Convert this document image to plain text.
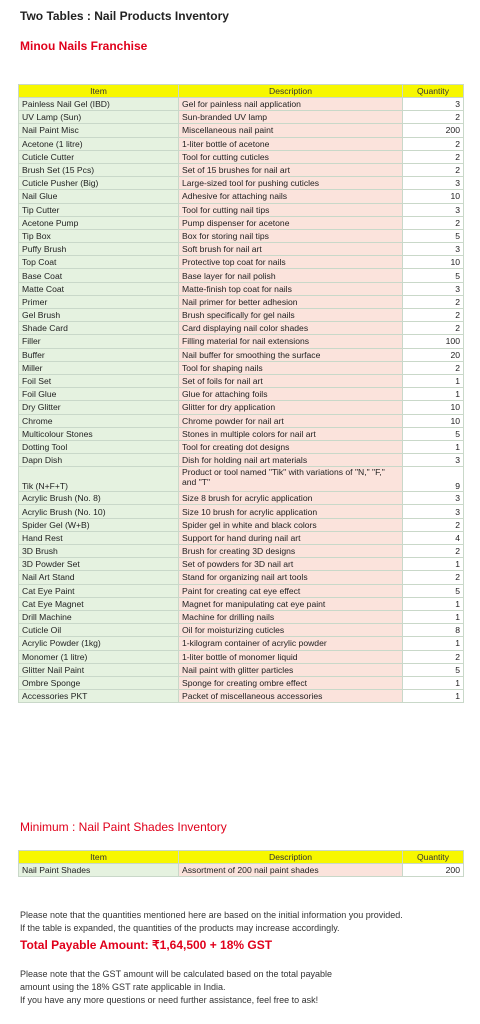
Two Tables : Nail Products Inventory
Minou Nails Franchise
Item	Description	Quantity
Painless Nail Gel (IBD)	Gel for painless nail application	3
UV Lamp (Sun)	Sun-branded UV lamp	2
Nail Paint Misc	Miscellaneous nail paint	200
Acetone (1 litre)	1-liter bottle of acetone	2
Cuticle Cutter	Tool for cutting cuticles	2
Brush Set (15 Pcs)	Set of 15 brushes for nail art	2
Cuticle Pusher (Big)	Large-sized tool for pushing cuticles	3
Nail Glue	Adhesive for attaching nails	10
Tip Cutter	Tool for cutting nail tips	3
Acetone Pump	Pump dispenser for acetone	2
Tip Box	Box for storing nail tips	5
Puffy Brush	Soft brush for nail art	3
Top Coat	Protective top coat for nails	10
Base Coat	Base layer for nail polish	5
Matte Coat	Matte-finish top coat for nails	3
Primer	Nail primer for better adhesion	2
Gel Brush	Brush specifically for gel nails	2
Shade Card	Card displaying nail color shades	2
Filler	Filling material for nail extensions	100
Buffer	Nail buffer for smoothing the surface	20
Miller	Tool for shaping nails	2
Foil Set	Set of foils for nail art	1
Foil Glue	Glue for attaching foils	1
Dry Glitter	Glitter for dry application	10
Chrome	Chrome powder for nail art	10
Multicolour Stones	Stones in multiple colors for nail art	5
Dotting Tool	Tool for creating dot designs	1
Dapn Dish	Dish for holding nail art materials	3
Tik (N+F+T)	Product or tool named "Tik" with variations of "N," "F," and "T"	9
Acrylic Brush (No. 8)	Size 8 brush for acrylic application	3
Acrylic Brush (No. 10)	Size 10 brush for acrylic application	3
Spider Gel (W+B)	Spider gel in white and black colors	2
Hand Rest	Support for hand during nail art	4
3D Brush	Brush for creating 3D designs	2
3D Powder Set	Set of powders for 3D nail art	1
Nail Art Stand	Stand for organizing nail art tools	2
Cat Eye Paint	Paint for creating cat eye effect	5
Cat Eye Magnet	Magnet for manipulating cat eye paint	1
Drill Machine	Machine for drilling nails	1
Cuticle Oil	Oil for moisturizing cuticles	8
Acrylic Powder (1kg)	1-kilogram container of acrylic powder	1
Monomer (1 litre)	1-liter bottle of monomer liquid	2
Glitter Nail Paint	Nail paint with glitter particles	5
Ombre Sponge	Sponge for creating ombre effect	1
Accessories PKT	Packet of miscellaneous accessories	1
Minimum : Nail Paint Shades Inventory
Item	Description	Quantity
Nail Paint Shades	Assortment of 200 nail paint shades	200
Please note that the quantities mentioned here are based on the initial information you provided.
If the table is expanded, the quantities of the products may increase accordingly.
Total Payable Amount: ₹1,64,500 + 18% GST
Please note that the GST amount will be calculated based on the total payable
amount using the 18% GST rate applicable in India.
If you have any more questions or need further assistance, feel free to ask!
